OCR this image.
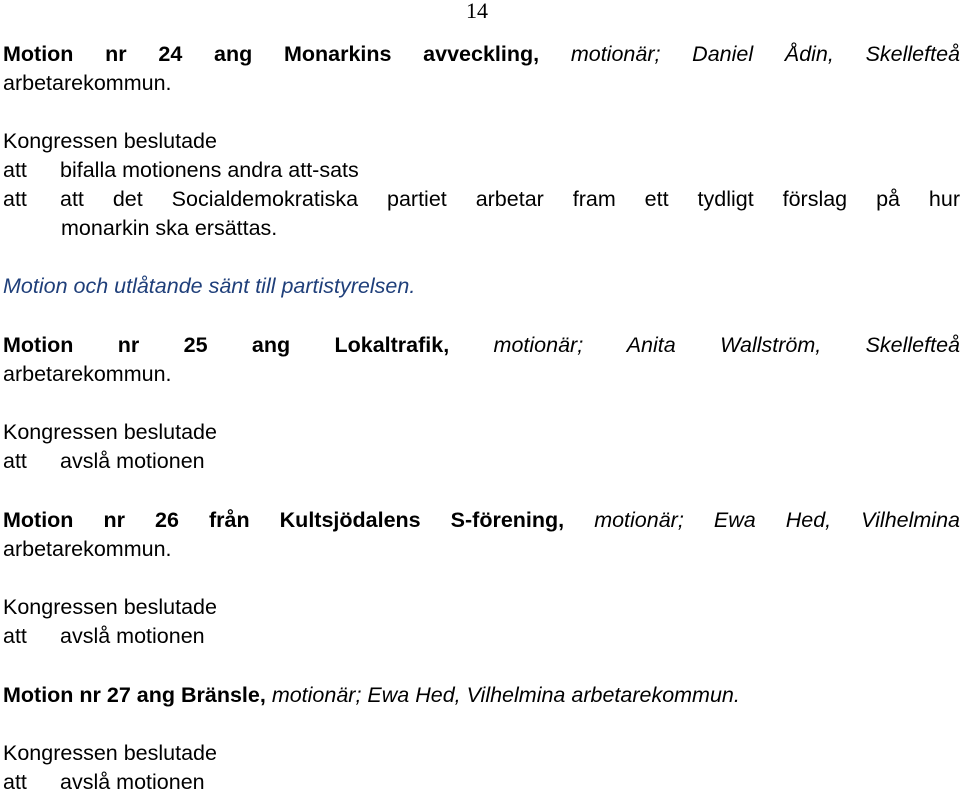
14
Motion nr 24 ang Monarkins avveckling, motionär; Daniel Ådin, Skellefteå
arbetarekommun.
Kongressen beslutade
att bifalla motionens andra att-sats
att att det Socialdemokratiska partiet arbetar fram ett tydligt förslag på hur
monarkin ska ersättas.
Motion och utlåtande sänt till partistyrelsen.
Motion nr 25 ang Lokaltrafik, motionär; Anita Wallström, Skellefteå
arbetarekommun.
Kongressen beslutade
att avslå motionen
Motion nr 26 från Kultsjödalens S-förening, motionär; Ewa Hed, Vilhelmina
arbetarekommun.
Kongressen beslutade
att avslå motionen
Motion nr 27 ang Bränsle, motionär; Ewa Hed, Vilhelmina arbetarekommun.
Kongressen beslutade
att avslå motionen
